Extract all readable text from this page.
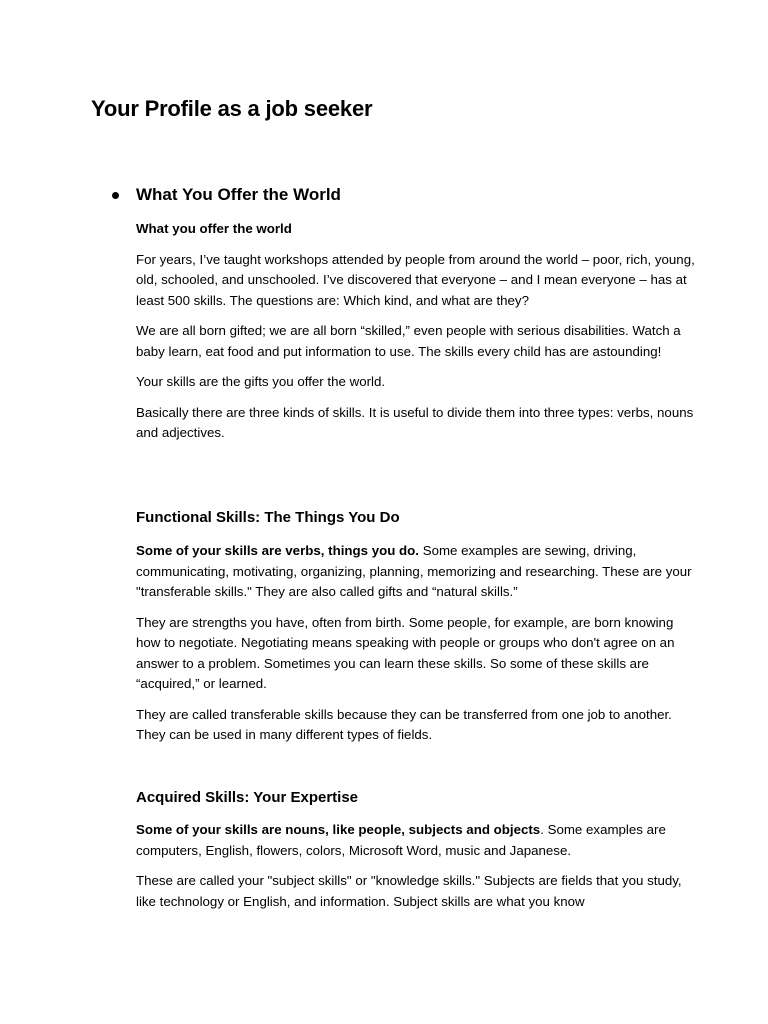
Your Profile as a job seeker
What You Offer the World

What you offer the world

For years, I’ve taught workshops attended by people from around the world – poor, rich, young, old, schooled, and unschooled. I’ve discovered that everyone – and I mean everyone – has at least 500 skills. The questions are: Which kind, and what are they?

We are all born gifted; we are all born “skilled,” even people with serious disabilities. Watch a baby learn, eat food and put information to use. The skills every child has are astounding!

Your skills are the gifts you offer the world.

Basically there are three kinds of skills. It is useful to divide them into three types: verbs, nouns and adjectives.

Functional Skills: The Things You Do

Some of your skills are verbs, things you do. Some examples are sewing, driving, communicating, motivating, organizing, planning, memorizing and researching. These are your "transferable skills." They are also called gifts and “natural skills.”

They are strengths you have, often from birth. Some people, for example, are born knowing how to negotiate. Negotiating means speaking with people or groups who don't agree on an answer to a problem. Sometimes you can learn these skills. So some of these skills are “acquired,” or learned.

They are called transferable skills because they can be transferred from one job to another. They can be used in many different types of fields.

Acquired Skills: Your Expertise

Some of your skills are nouns, like people, subjects and objects. Some examples are computers, English, flowers, colors, Microsoft Word, music and Japanese.

These are called your "subject skills" or "knowledge skills." Subjects are fields that you study, like technology or English, and information. Subject skills are what you know
